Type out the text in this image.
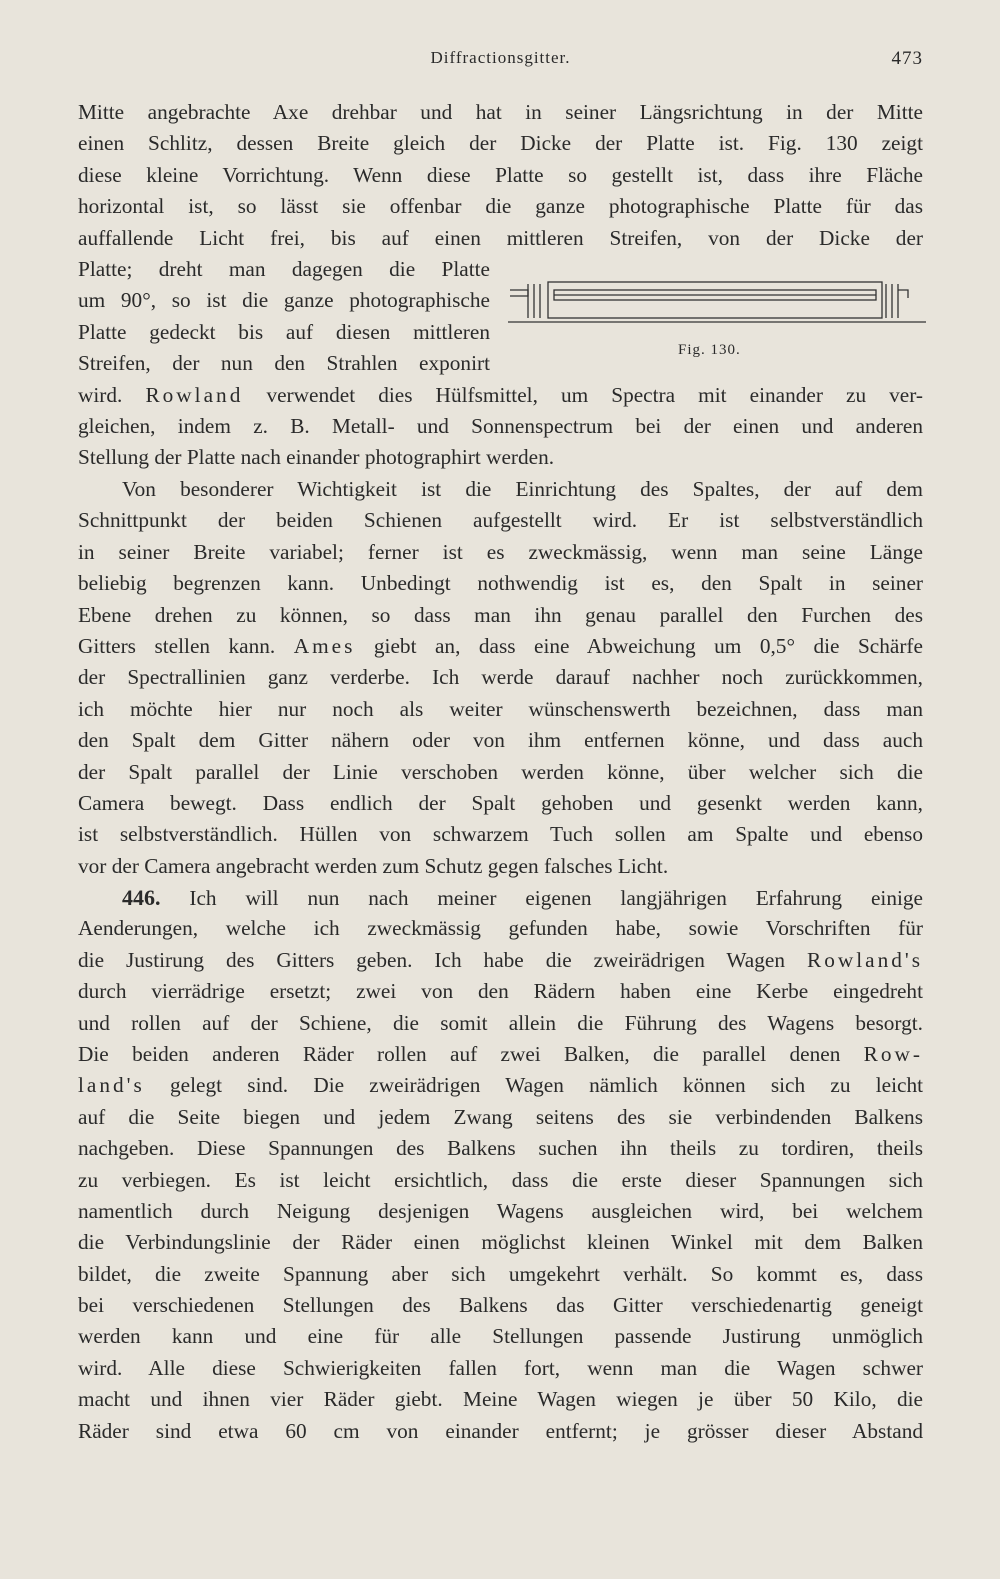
Diffractionsgitter.	473
Fig. 130.
Mitte angebrachte Axe drehbar und hat in seiner Längsrichtung in der Mitte
einen Schlitz, dessen Breite gleich der Dicke der Platte ist. Fig. 130 zeigt
diese kleine Vorrichtung. Wenn diese Platte so gestellt ist, dass ihre Fläche
horizontal ist, so lässt sie offenbar die ganze photographische Platte für das
auffallende Licht frei, bis auf einen mittleren Streifen, von der Dicke der
Platte; dreht man dagegen die Platte
um 90°, so ist die ganze photographische
Platte gedeckt bis auf diesen mittleren
Streifen, der nun den Strahlen exponirt
wird. Rowland verwendet dies Hülfsmittel, um Spectra mit einander zu ver-
gleichen, indem z. B. Metall- und Sonnenspectrum bei der einen und anderen
Stellung der Platte nach einander photographirt werden.
Von besonderer Wichtigkeit ist die Einrichtung des Spaltes, der auf dem
Schnittpunkt der beiden Schienen aufgestellt wird. Er ist selbstverständlich
in seiner Breite variabel; ferner ist es zweckmässig, wenn man seine Länge
beliebig begrenzen kann. Unbedingt nothwendig ist es, den Spalt in seiner
Ebene drehen zu können, so dass man ihn genau parallel den Furchen des
Gitters stellen kann. Ames giebt an, dass eine Abweichung um 0,5° die Schärfe
der Spectrallinien ganz verderbe. Ich werde darauf nachher noch zurückkommen,
ich möchte hier nur noch als weiter wünschenswerth bezeichnen, dass man
den Spalt dem Gitter nähern oder von ihm entfernen könne, und dass auch
der Spalt parallel der Linie verschoben werden könne, über welcher sich die
Camera bewegt. Dass endlich der Spalt gehoben und gesenkt werden kann,
ist selbstverständlich. Hüllen von schwarzem Tuch sollen am Spalte und ebenso
vor der Camera angebracht werden zum Schutz gegen falsches Licht.
446. Ich will nun nach meiner eigenen langjährigen Erfahrung einige
Aenderungen, welche ich zweckmässig gefunden habe, sowie Vorschriften für
die Justirung des Gitters geben. Ich habe die zweirädrigen Wagen Rowland's
durch vierrädrige ersetzt; zwei von den Rädern haben eine Kerbe eingedreht
und rollen auf der Schiene, die somit allein die Führung des Wagens besorgt.
Die beiden anderen Räder rollen auf zwei Balken, die parallel denen Row-
land's gelegt sind. Die zweirädrigen Wagen nämlich können sich zu leicht
auf die Seite biegen und jedem Zwang seitens des sie verbindenden Balkens
nachgeben. Diese Spannungen des Balkens suchen ihn theils zu tordiren, theils
zu verbiegen. Es ist leicht ersichtlich, dass die erste dieser Spannungen sich
namentlich durch Neigung desjenigen Wagens ausgleichen wird, bei welchem
die Verbindungslinie der Räder einen möglichst kleinen Winkel mit dem Balken
bildet, die zweite Spannung aber sich umgekehrt verhält. So kommt es, dass
bei verschiedenen Stellungen des Balkens das Gitter verschiedenartig geneigt
werden kann und eine für alle Stellungen passende Justirung unmöglich
wird. Alle diese Schwierigkeiten fallen fort, wenn man die Wagen schwer
macht und ihnen vier Räder giebt. Meine Wagen wiegen je über 50 Kilo, die
Räder sind etwa 60 cm von einander entfernt; je grösser dieser Abstand
